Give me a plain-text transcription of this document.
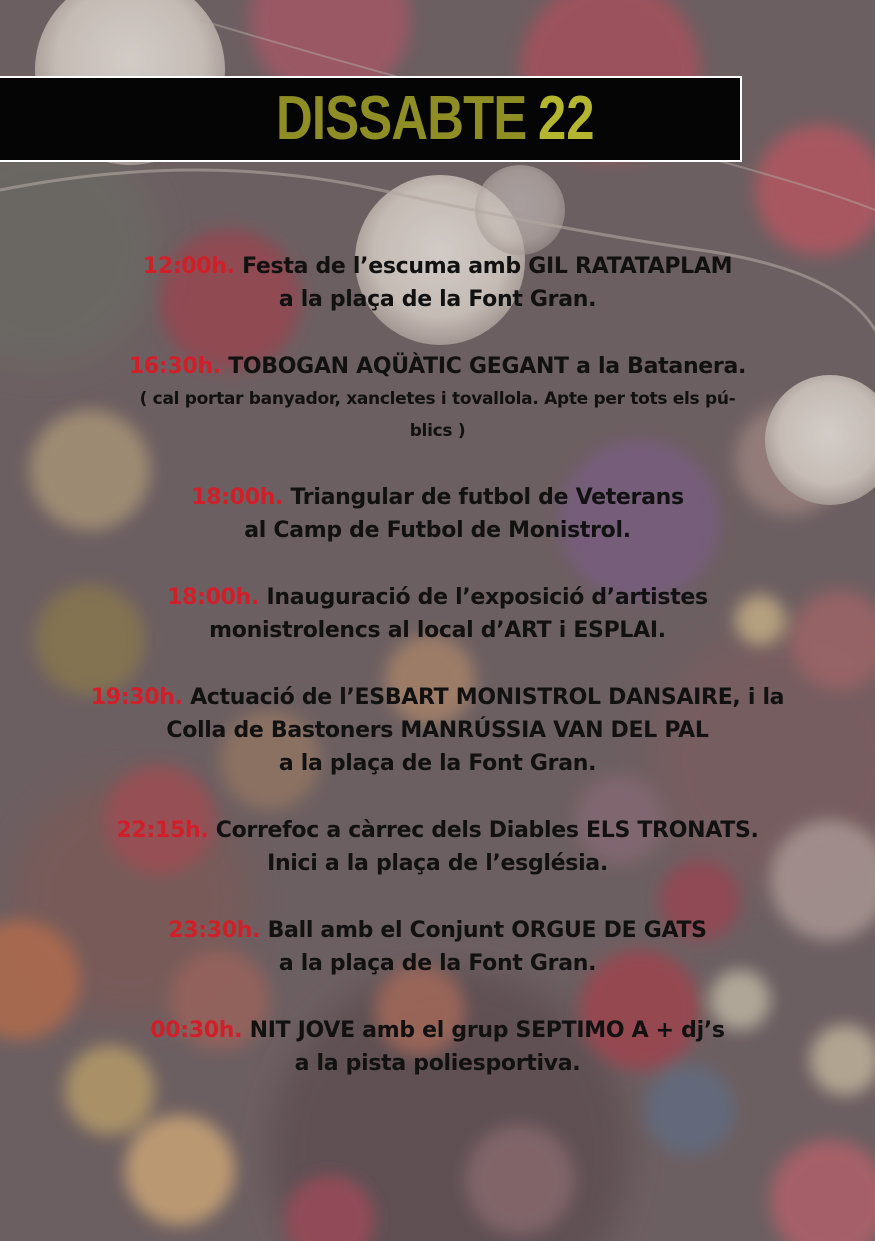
DISSABTE 22
12:00h. Festa de l’escuma amb GIL RATATAPLAM
a la plaça de la Font Gran.
16:30h. TOBOGAN AQÜÀTIC GEGANT a la Batanera.
( cal portar banyador, xancletes i tovallola. Apte per tots els pú-
blics )
18:00h. Triangular de futbol de Veterans
al Camp de Futbol de Monistrol.
18:00h. Inauguració de l’exposició d’artistes
monistrolencs al local d’ART i ESPLAI.
19:30h. Actuació de l’ESBART MONISTROL DANSAIRE, i la
Colla de Bastoners MANRÚSSIA VAN DEL PAL
a la plaça de la Font Gran.
22:15h. Correfoc a càrrec dels Diables ELS TRONATS.
Inici a la plaça de l’església.
23:30h. Ball amb el Conjunt ORGUE DE GATS
a la plaça de la Font Gran.
00:30h. NIT JOVE amb el grup SEPTIMO A + dj’s
a la pista poliesportiva.
